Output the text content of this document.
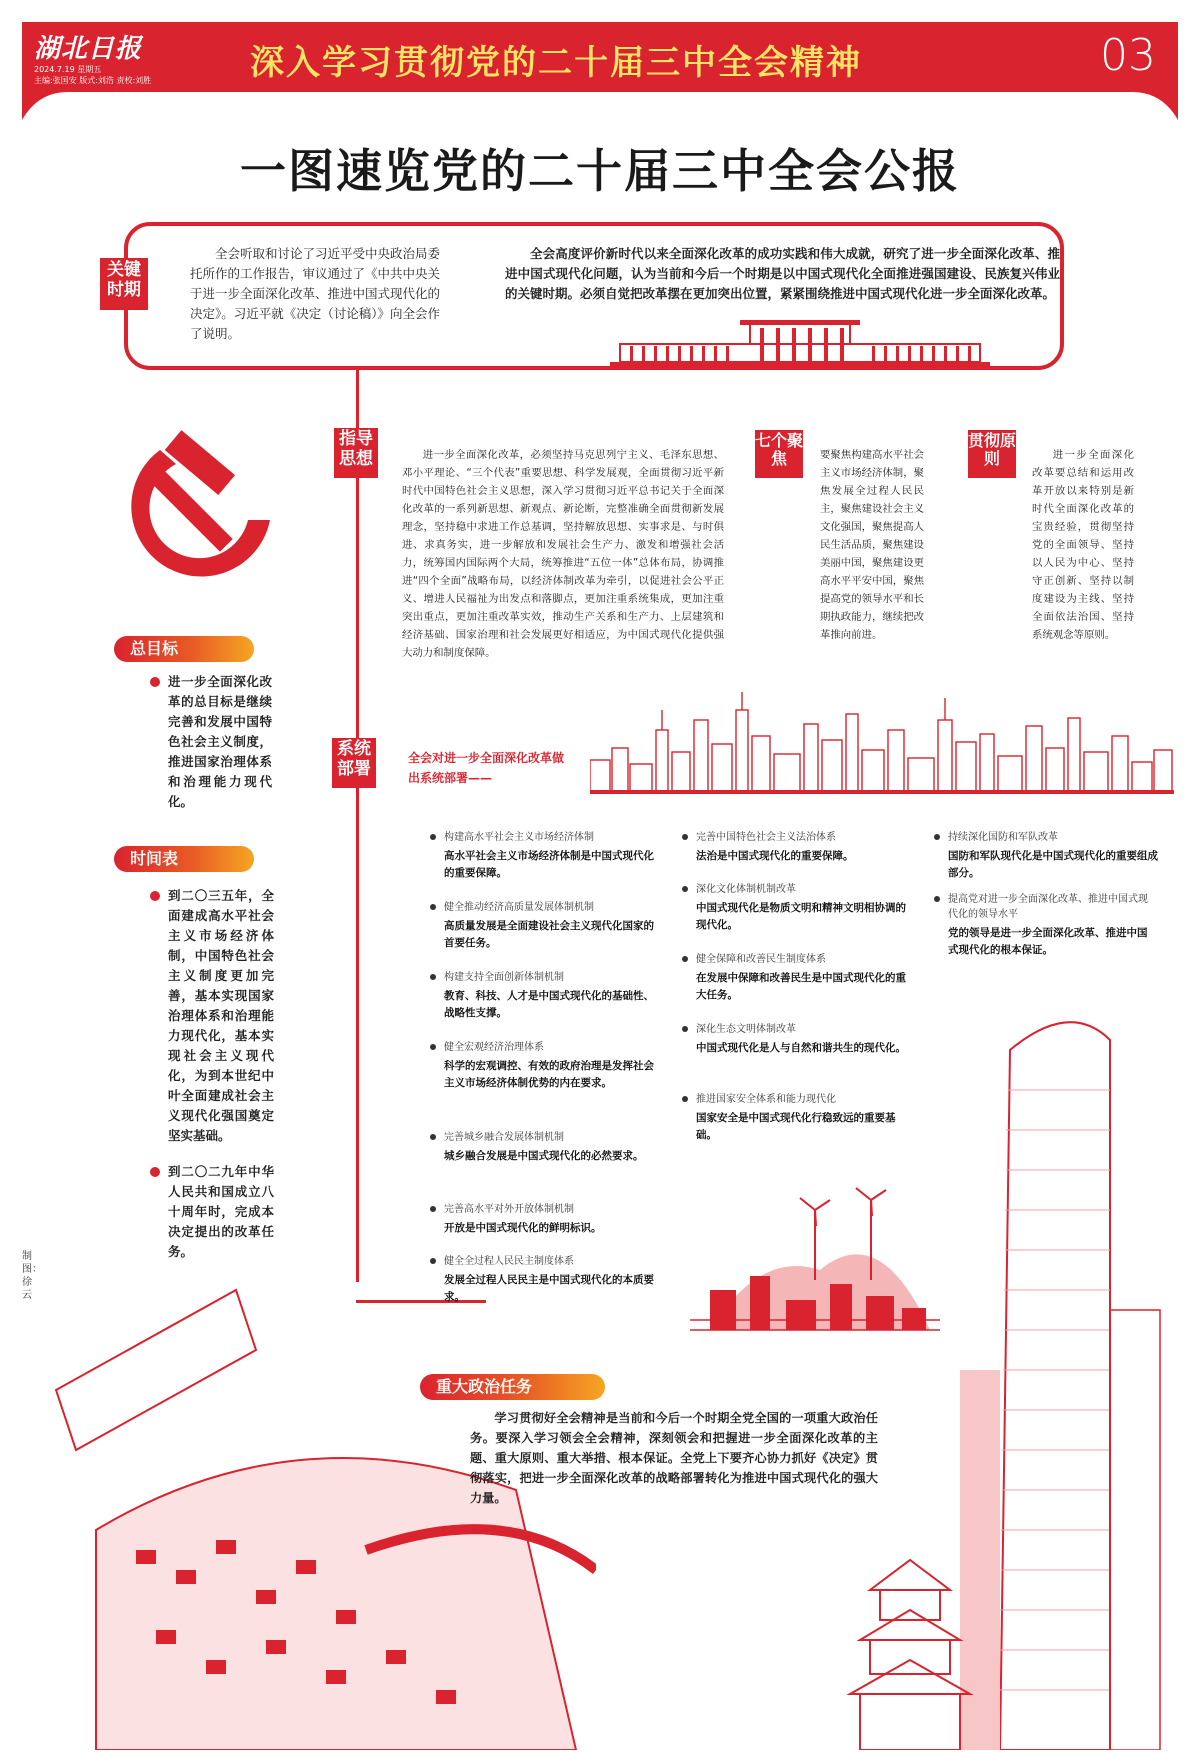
湖北日报
2024.7.19 星期五
主编:张国安 版式:刘浩 责校:刘胜	深入学习贯彻党的二十届三中全会精神	03
一图速览党的二十届三中全会公报
关键时期
全会听取和讨论了习近平受中央政治局委托所作的工作报告，审议通过了《中共中央关于进一步全面深化改革、推进中国式现代化的决定》。习近平就《决定（讨论稿）》向全会作了说明。
全会高度评价新时代以来全面深化改革的成功实践和伟大成就，研究了进一步全面深化改革、推进中国式现代化问题，认为当前和今后一个时期是以中国式现代化全面推进强国建设、民族复兴伟业的关键时期。必须自觉把改革摆在更加突出位置，紧紧围绕推进中国式现代化进一步全面深化改革。
总目标
进一步全面深化改革的总目标是继续完善和发展中国特色社会主义制度，推进国家治理体系和治理能力现代化。
时间表
到二〇三五年，全面建成高水平社会主义市场经济体制，中国特色社会主义制度更加完善，基本实现国家治理体系和治理能力现代化，基本实现社会主义现代化，为到本世纪中叶全面建成社会主义现代化强国奠定坚实基础。
到二〇二九年中华人民共和国成立八十周年时，完成本决定提出的改革任务。
制图：徐云
指导思想	进一步全面深化改革，必须坚持马克思列宁主义、毛泽东思想、邓小平理论、“三个代表”重要思想、科学发展观，全面贯彻习近平新时代中国特色社会主义思想，深入学习贯彻习近平总书记关于全面深化改革的一系列新思想、新观点、新论断，完整准确全面贯彻新发展理念，坚持稳中求进工作总基调，坚持解放思想、实事求是、与时俱进、求真务实，进一步解放和发展社会生产力、激发和增强社会活力，统筹国内国际两个大局，统筹推进“五位一体”总体布局，协调推进“四个全面”战略布局，以经济体制改革为牵引，以促进社会公平正义、增进人民福祉为出发点和落脚点，更加注重系统集成，更加注重突出重点，更加注重改革实效，推动生产关系和生产力、上层建筑和经济基础、国家治理和社会发展更好相适应，为中国式现代化提供强大动力和制度保障。
七个聚焦	要聚焦构建高水平社会主义市场经济体制，聚焦发展全过程人民民主，聚焦建设社会主义文化强国，聚焦提高人民生活品质，聚焦建设美丽中国，聚焦建设更高水平平安中国，聚焦提高党的领导水平和长期执政能力，继续把改革推向前进。
贯彻原则	进一步全面深化改革要总结和运用改革开放以来特别是新时代全面深化改革的宝贵经验，贯彻坚持党的全面领导、坚持以人民为中心、坚持守正创新、坚持以制度建设为主线、坚持全面依法治国、坚持系统观念等原则。
系统部署
全会对进一步全面深化改革做出系统部署——
构建高水平社会主义市场经济体制
高水平社会主义市场经济体制是中国式现代化的重要保障。
健全推动经济高质量发展体制机制
高质量发展是全面建设社会主义现代化国家的首要任务。
构建支持全面创新体制机制
教育、科技、人才是中国式现代化的基础性、战略性支撑。
健全宏观经济治理体系
科学的宏观调控、有效的政府治理是发挥社会主义市场经济体制优势的内在要求。
完善城乡融合发展体制机制
城乡融合发展是中国式现代化的必然要求。
完善高水平对外开放体制机制
开放是中国式现代化的鲜明标识。
健全全过程人民民主制度体系
发展全过程人民民主是中国式现代化的本质要求。
完善中国特色社会主义法治体系
法治是中国式现代化的重要保障。
深化文化体制机制改革
中国式现代化是物质文明和精神文明相协调的现代化。
健全保障和改善民生制度体系
在发展中保障和改善民生是中国式现代化的重大任务。
深化生态文明体制改革
中国式现代化是人与自然和谐共生的现代化。
推进国家安全体系和能力现代化
国家安全是中国式现代化行稳致远的重要基础。
持续深化国防和军队改革
国防和军队现代化是中国式现代化的重要组成部分。
提高党对进一步全面深化改革、推进中国式现代化的领导水平
党的领导是进一步全面深化改革、推进中国式现代化的根本保证。
重大政治任务
学习贯彻好全会精神是当前和今后一个时期全党全国的一项重大政治任务。要深入学习领会全会精神，深刻领会和把握进一步全面深化改革的主题、重大原则、重大举措、根本保证。全党上下要齐心协力抓好《决定》贯彻落实，把进一步全面深化改革的战略部署转化为推进中国式现代化的强大力量。
